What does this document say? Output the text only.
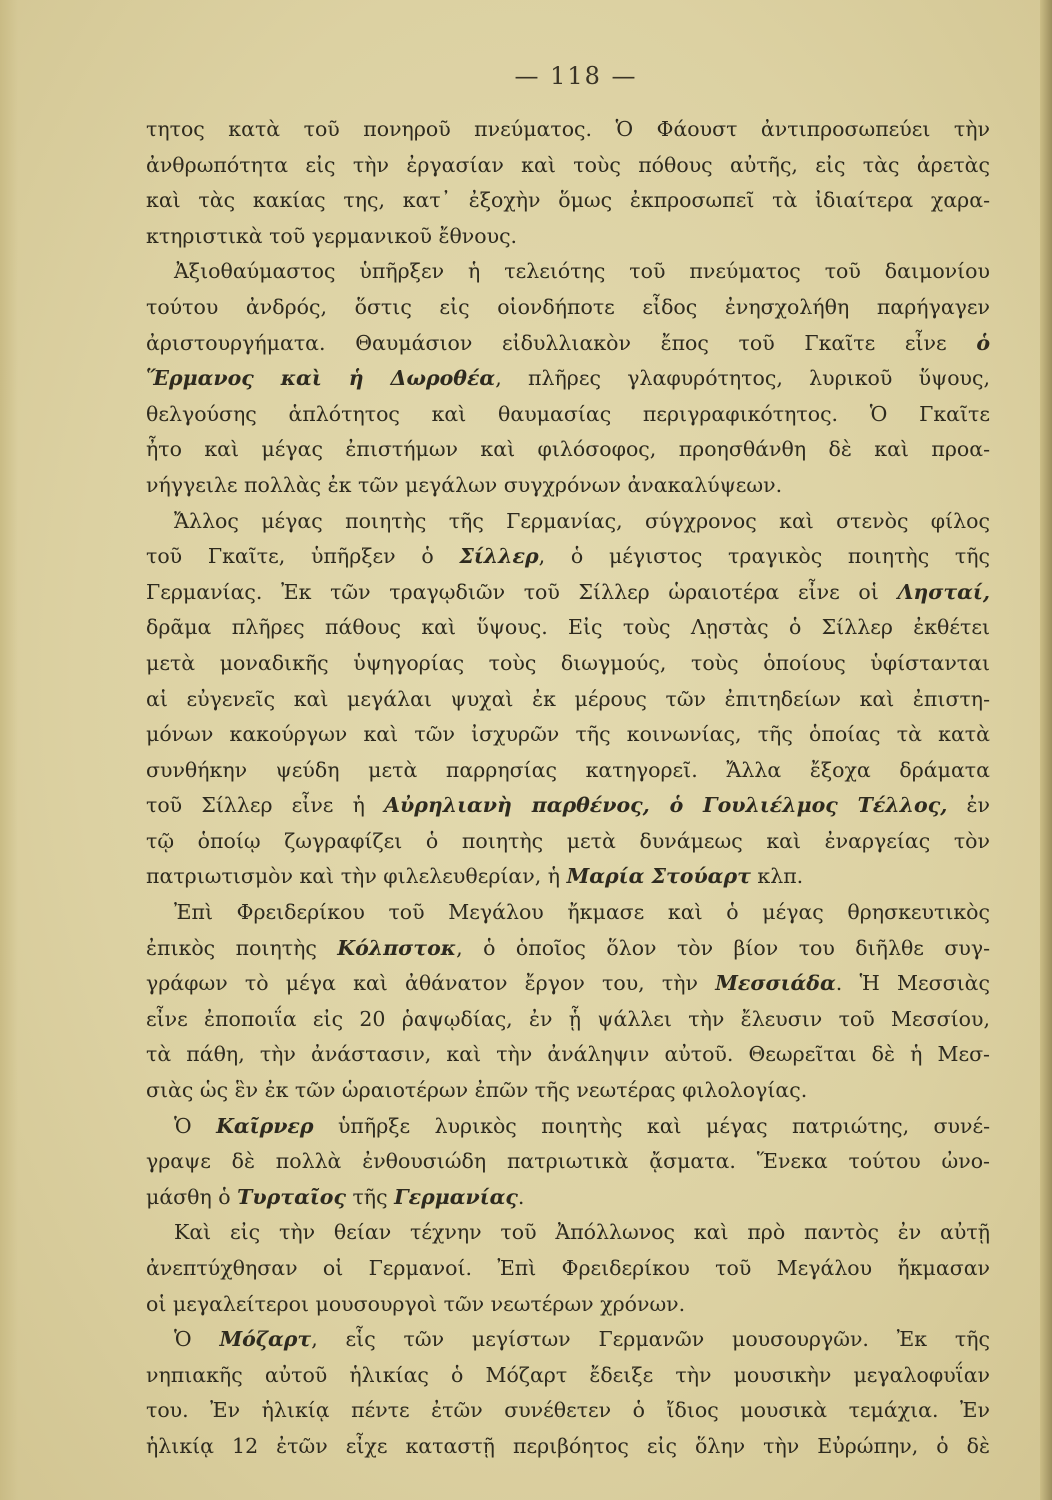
— 118 —
τητος κατὰ τοῦ πονηροῦ πνεύματος. Ὁ Φάουστ ἀντιπροσωπεύει τὴν
ἀνθρωπότητα εἰς τὴν ἐργασίαν καὶ τοὺς πόθους αὐτῆς, εἰς τὰς ἀρετὰς
καὶ τὰς κακίας της, κατ᾽ ἐξοχὴν ὅμως ἐκπροσωπεῖ τὰ ἰδιαίτερα χαρα-
κτηριστικὰ τοῦ γερμανικοῦ ἔθνους.
Ἀξιοθαύμαστος ὑπῆρξεν ἡ τελειότης τοῦ πνεύματος τοῦ δαιμονίου
τούτου ἀνδρός, ὅστις εἰς οἱονδήποτε εἶδος ἐνησχολήθη παρήγαγεν
ἀριστουργήματα. Θαυμάσιον εἰδυλλιακὸν ἔπος τοῦ Γκαῖτε εἶνε ὁ
Ἕρμανος καὶ ἡ Δωροθέα, πλῆρες γλαφυρότητος, λυρικοῦ ὕψους,
θελγούσης ἁπλότητος καὶ θαυμασίας περιγραφικότητος. Ὁ Γκαῖτε
ἦτο καὶ μέγας ἐπιστήμων καὶ φιλόσοφος, προησθάνθη δὲ καὶ προα-
νήγγειλε πολλὰς ἐκ τῶν μεγάλων συγχρόνων ἀνακαλύψεων.
Ἄλλος μέγας ποιητὴς τῆς Γερμανίας, σύγχρονος καὶ στενὸς φίλος
τοῦ Γκαῖτε, ὑπῆρξεν ὁ Σίλλερ, ὁ μέγιστος τραγικὸς ποιητὴς τῆς
Γερμανίας. Ἐκ τῶν τραγῳδιῶν τοῦ Σίλλερ ὡραιοτέρα εἶνε οἱ Λησταί,
δρᾶμα πλῆρες πάθους καὶ ὕψους. Εἰς τοὺς Λῃστὰς ὁ Σίλλερ ἐκθέτει
μετὰ μοναδικῆς ὑψηγορίας τοὺς διωγμούς, τοὺς ὁποίους ὑφίστανται
αἱ εὐγενεῖς καὶ μεγάλαι ψυχαὶ ἐκ μέρους τῶν ἐπιτηδείων καὶ ἐπιστη-
μόνων κακούργων καὶ τῶν ἰσχυρῶν τῆς κοινωνίας, τῆς ὁποίας τὰ κατὰ
συνθήκην ψεύδη μετὰ παρρησίας κατηγορεῖ. Ἄλλα ἔξοχα δράματα
τοῦ Σίλλερ εἶνε ἡ Αὐρηλιανὴ παρθένος, ὁ Γουλιέλμος Τέλλος, ἐν
τῷ ὁποίῳ ζωγραφίζει ὁ ποιητὴς μετὰ δυνάμεως καὶ ἐναργείας τὸν
πατριωτισμὸν καὶ τὴν φιλελευθερίαν, ἡ Μαρία Στούαρτ κλπ.
Ἐπὶ Φρειδερίκου τοῦ Μεγάλου ἤκμασε καὶ ὁ μέγας θρησκευτικὸς
ἐπικὸς ποιητὴς Κόλπστοκ, ὁ ὁποῖος ὅλον τὸν βίον του διῆλθε συγ-
γράφων τὸ μέγα καὶ ἀθάνατον ἔργον του, τὴν Μεσσιάδα. Ἡ Μεσσιὰς
εἶνε ἐποποιΐα εἰς 20 ῥαψῳδίας, ἐν ᾗ ψάλλει τὴν ἔλευσιν τοῦ Μεσσίου,
τὰ πάθη, τὴν ἀνάστασιν, καὶ τὴν ἀνάληψιν αὐτοῦ. Θεωρεῖται δὲ ἡ Μεσ-
σιὰς ὡς ἓν ἐκ τῶν ὡραιοτέρων ἐπῶν τῆς νεωτέρας φιλολογίας.
Ὁ Καῖρνερ ὑπῆρξε λυρικὸς ποιητὴς καὶ μέγας πατριώτης, συνέ-
γραψε δὲ πολλὰ ἐνθουσιώδη πατριωτικὰ ᾄσματα. Ἕνεκα τούτου ὠνο-
μάσθη ὁ Τυρταῖος τῆς Γερμανίας.
Καὶ εἰς τὴν θείαν τέχνην τοῦ Ἀπόλλωνος καὶ πρὸ παντὸς ἐν αὐτῇ
ἀνεπτύχθησαν οἱ Γερμανοί. Ἐπὶ Φρειδερίκου τοῦ Μεγάλου ἤκμασαν
οἱ μεγαλείτεροι μουσουργοὶ τῶν νεωτέρων χρόνων.
Ὁ Μόζαρτ, εἷς τῶν μεγίστων Γερμανῶν μουσουργῶν. Ἐκ τῆς
νηπιακῆς αὐτοῦ ἡλικίας ὁ Μόζαρτ ἔδειξε τὴν μουσικὴν μεγαλοφυΐαν
του. Ἐν ἡλικίᾳ πέντε ἐτῶν συνέθετεν ὁ ἴδιος μουσικὰ τεμάχια. Ἐν
ἡλικίᾳ 12 ἐτῶν εἶχε καταστῇ περιβόητος εἰς ὅλην τὴν Εὐρώπην, ὁ δὲ
